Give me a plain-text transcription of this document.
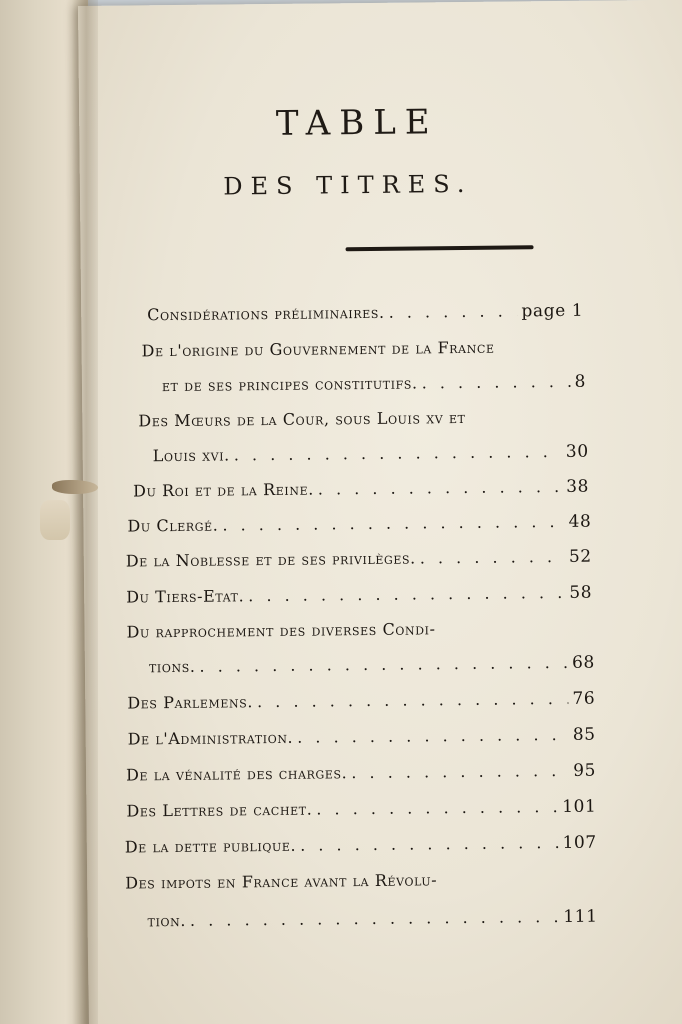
TABLE
DES TITRES.
Considérations préliminaires. . . .	page 1
De l'origine du Gouvernement de la France
et de ses principes constitutifs. . . .	8
Des Mœurs de la Cour, sous Louis xv et
Louis xvi. . . .	30
Du Roi et de la Reine. . . .	38
Du Clergé. . . .	48
De la Noblesse et de ses privilèges. . . .	52
Du Tiers-Etat. . . .	58
Du rapprochement des diverses Condi-
tions. . . .	68
Des Parlemens. . . .	76
De l'Administration. . . .	85
De la vénalité des charges. . . .	95
Des Lettres de cachet. . . .	101
De la dette publique. . . .	107
Des impots en France avant la Révolu-
tion. . . .	111
